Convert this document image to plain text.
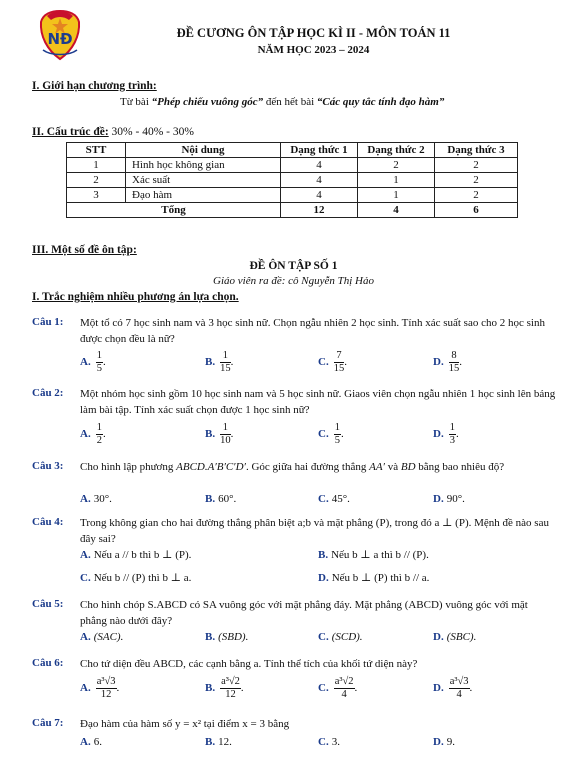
NĐ	ĐỀ CƯƠNG ÔN TẬP HỌC KÌ II - MÔN TOÁN 11
NĂM HỌC 2023 – 2024
I. Giới hạn chương trình:
Từ bài “Phép chiếu vuông góc” đến hết bài “Các quy tắc tính đạo hàm”
II. Cấu trúc đề: 30% - 40% - 30%
STT	Nội dung	Dạng thức 1	Dạng thức 2	Dạng thức 3
1	Hình học không gian	4	2	2
2	Xác suất	4	1	2
3	Đạo hàm	4	1	2
Tổng		12	4	6
III. Một số đề ôn tập:
ĐỀ ÔN TẬP SỐ 1
Giáo viên ra đề: cô Nguyễn Thị Hảo
I. Trắc nghiệm nhiều phương án lựa chọn.
Câu 1: Một tổ có 7 học sinh nam và 3 học sinh nữ. Chọn ngẫu nhiên 2 học sinh. Tính xác suất sao cho 2 học sinh được chọn đều là nữ?
A. $\frac{1}{5}$ .	B. $\frac{1}{15}$ .	C. $\frac{7}{15}$ .	D. $\frac{8}{15}$ .
Câu 2: Một nhóm học sinh gồm 10 học sinh nam và 5 học sinh nữ. Giaos viên chọn ngẫu nhiên 1 học sinh lên bảng làm bài tập. Tính xác suất chọn được 1 học sinh nữ?
A. $\frac{1}{2}$ .	B. $\frac{1}{10}$ .	C. $\frac{1}{5}$ .	D. $\frac{1}{3}$ .
Câu 3: Cho hình lập phương ABCD.A′B′C′D′. Góc giữa hai đường thẳng AA′ và BD bằng bao nhiêu độ?
A. 30°.	B. 60°.	C. 45°.	D. 90°.
Câu 4: Trong không gian cho hai đường thẳng phân biệt a;b và mặt phẳng (P), trong đó a ⊥ (P). Mệnh đề nào sau đây sai?
A. Nếu a // b thì b ⊥ (P).	B. Nếu b ⊥ a thì b // (P).
C. Nếu b // (P) thì b ⊥ a.	D. Nếu b ⊥ (P) thì b // a.
Câu 5: Cho hình chóp S.ABCD có SA vuông góc với mặt phẳng đáy. Mặt phẳng (ABCD) vuông góc với mặt phẳng nào dưới đây?
A. (SAC).	B. (SBD).	C. (SCD).	D. (SBC).
Câu 6: Cho tứ diện đều ABCD, các cạnh bằng a. Tính thể tích của khối tứ diện này?
A. $\frac{\text{a³√3}}{12}$ .	B. $\frac{\text{a³√2}}{12}$ .	C. $\frac{\text{a³√2}}{4}$ .	D. $\frac{\text{a³√3}}{4}$ .
Câu 7: Đạo hàm của hàm số y = x² tại điểm x = 3 bằng
A. 6.	B. 12.	C. 3.	D. 9.
